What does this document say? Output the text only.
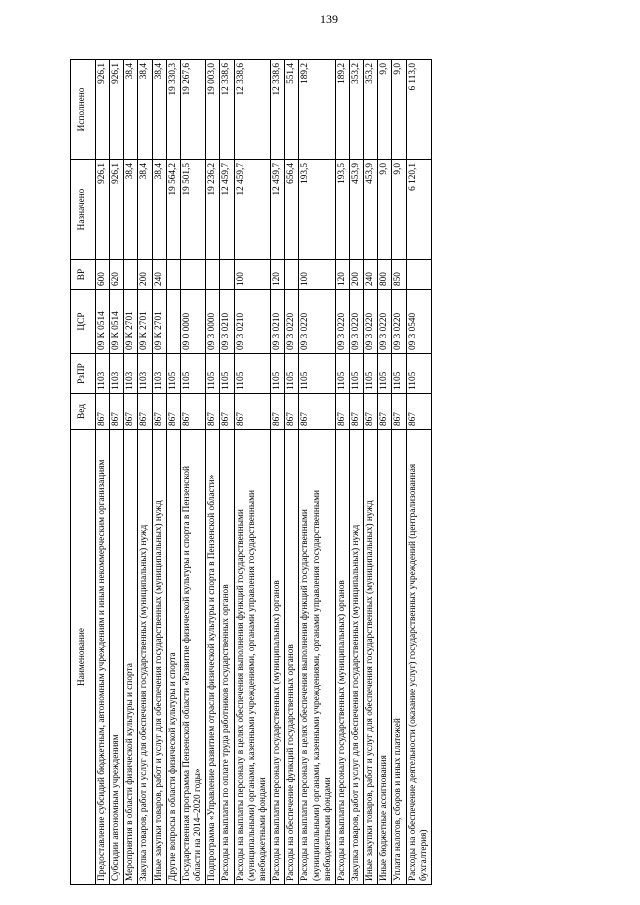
139
Наименование	Вед	РзПР	ЦСР	ВР	Назначено	Исполнено
Предоставление субсидий бюджетным, автономным учреждениям и иным некоммерческим организациям	867	1103	09 К 0514	600	926,1	926,1
Субсидии автономным учреждениям	867	1103	09 К 0514	620	926,1	926,1
Мероприятия в области физической культуры и спорта	867	1103	09 К 2701		38,4	38,4
Закупка товаров, работ и услуг для обеспечения государственных (муниципальных) нужд	867	1103	09 К 2701	200	38,4	38,4
Иные закупки товаров, работ и услуг для обеспечения государственных (муниципальных) нужд	867	1103	09 К 2701	240	38,4	38,4
Другие вопросы в области физической культуры и спорта	867	1105			19 564,2	19 330,3
Государственная программа Пензенской области «Развитие физической культуры и спорта в Пензенской области на 2014–2020 годы»	867	1105	09 0 0000		19 501,5	19 267,6
Подпрограмма «Управление развитием отрасли физической культуры и спорта в Пензенской области»	867	1105	09 3 0000		19 236,2	19 003,0
Расходы на выплаты по оплате труда работников государственных органов	867	1105	09 3 0210		12 459,7	12 338,6
Расходы на выплаты персоналу в целях обеспечения выполнения функций государственными (муниципальными) органами, казенными учреждениями, органами управления государственными внебюджетными фондами	867	1105	09 3 0210	100	12 459,7	12 338,6
Расходы на выплаты персоналу государственных (муниципальных) органов	867	1105	09 3 0210	120	12 459,7	12 338,6
Расходы на обеспечение функций государственных органов	867	1105	09 3 0220		656,4	551,4
Расходы на выплаты персоналу в целях обеспечения выполнения функций государственными (муниципальными) органами, казенными учреждениями, органами управления государственными внебюджетными фондами	867	1105	09 3 0220	100	193,5	189,2
Расходы на выплаты персоналу государственных (муниципальных) органов	867	1105	09 3 0220	120	193,5	189,2
Закупка товаров, работ и услуг для обеспечения государственных (муниципальных) нужд	867	1105	09 3 0220	200	453,9	353,2
Иные закупки товаров, работ и услуг для обеспечения государственных (муниципальных) нужд	867	1105	09 3 0220	240	453,9	353,2
Иные бюджетные ассигнования	867	1105	09 3 0220	800	9,0	9,0
Уплата налогов, сборов и иных платежей	867	1105	09 3 0220	850	9,0	9,0
Расходы на обеспечение деятельности (оказание услуг) государственных учреждений (централизованная бухгалтерия)	867	1105	09 3 0540		6 120,1	6 113,0
